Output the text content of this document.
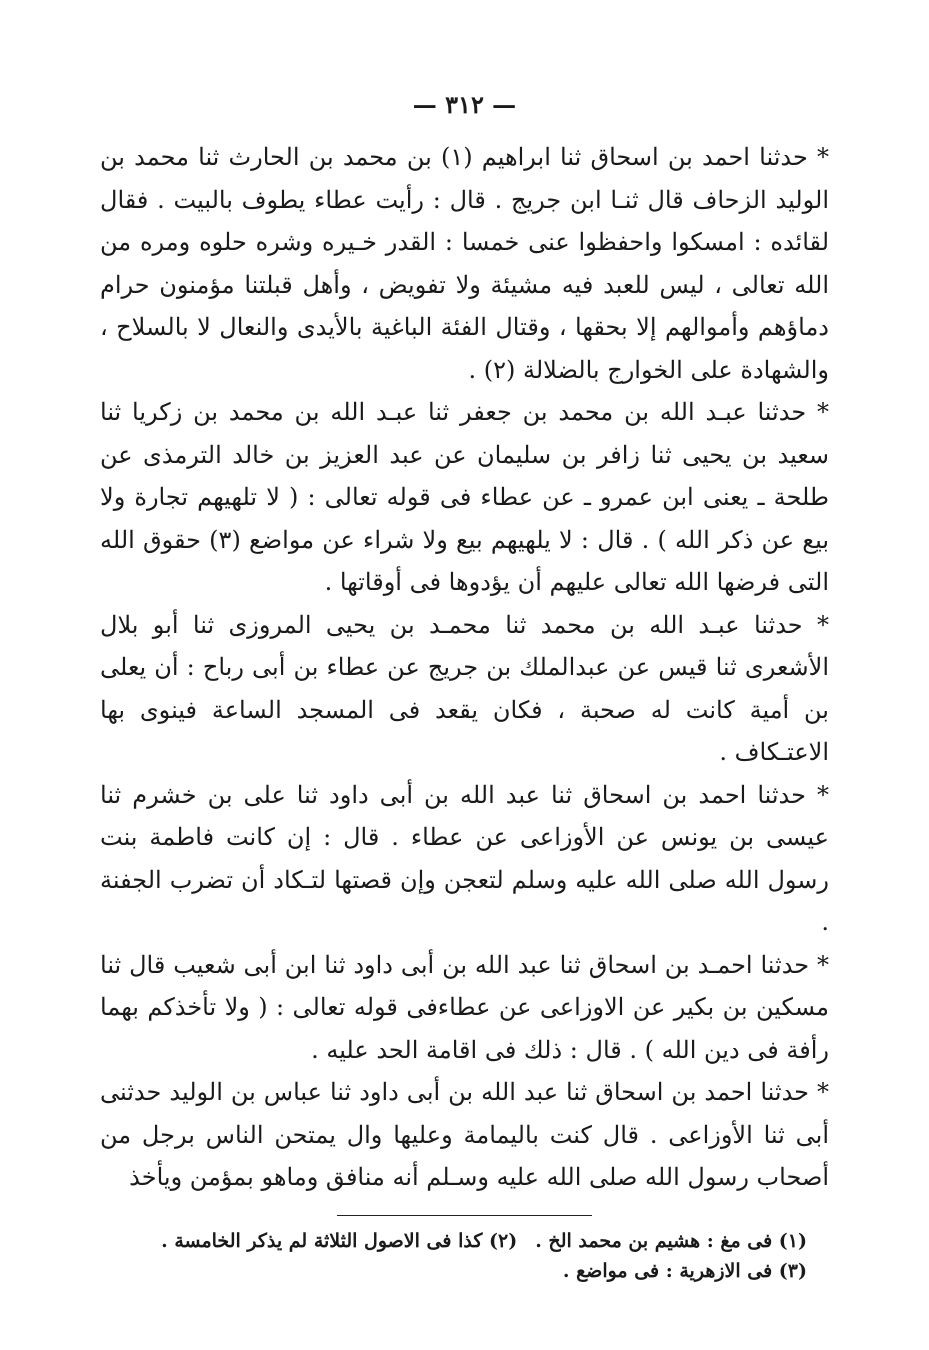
— ٣١٢ —

* حدثنا احمد بن اسحاق ثنا ابراهيم (١) بن محمد بن الحارث ثنا محمد بن الوليد الزحاف قال ثنـا ابن جريج . قال : رأيت عطاء يطوف بالبيت . فقال لقائده : امسكوا واحفظوا عنى خمسا : القدر خـيره وشره حلوه ومره من الله تعالى ، ليس للعبد فيه مشيئة ولا تفويض ، وأهل قبلتنا مؤمنون حرام دماؤهم وأموالهم إلا بحقها ، وقتال الفئة الباغية بالأيدى والنعال لا بالسلاح ، والشهادة على الخوارج بالضلالة (٢) .

* حدثنا عبـد الله بن محمد بن جعفر ثنا عبـد الله بن محمد بن زكريا ثنا سعيد بن يحيى ثنا زافر بن سليمان عن عبد العزيز بن خالد الترمذى عن طلحة ـ يعنى ابن عمرو ـ عن عطاء فى قوله تعالى : ( لا تلهيهم تجارة ولا بيع عن ذكر الله ) . قال : لا يلهيهم بيع ولا شراء عن مواضع (٣) حقوق الله التى فرضها الله تعالى عليهم أن يؤدوها فى أوقاتها .

* حدثنا عبـد الله بن محمد ثنا محمـد بن يحيى المروزى ثنا أبو بلال الأشعرى ثنا قيس عن عبدالملك بن جريج عن عطاء بن أبى رباح : أن يعلى بن أمية كانت له صحبة ، فكان يقعد فى المسجد الساعة فينوى بها الاعتـكاف .

* حدثنا احمد بن اسحاق ثنا عبد الله بن أبى داود ثنا على بن خشرم ثنا عيسى بن يونس عن الأوزاعى عن عطاء . قال : إن كانت فاطمة بنت رسول الله صلى الله عليه وسلم لتعجن وإن قصتها لتـكاد أن تضرب الجفنة .

* حدثنا احمـد بن اسحاق ثنا عبد الله بن أبى داود ثنا ابن أبى شعيب قال ثنا مسكين بن بكير عن الاوزاعى عن عطاءفى قوله تعالى : ( ولا تأخذكم بهما رأفة فى دين الله ) . قال : ذلك فى اقامة الحد عليه .

* حدثنا احمد بن اسحاق ثنا عبد الله بن أبى داود ثنا عباس بن الوليد حدثنى أبى ثنا الأوزاعى . قال كنت باليمامة وعليها وال يمتحن الناس برجل من أصحاب رسول الله صلى الله عليه وسـلم أنه منافق وماهو بمؤمن ويأخذ

(١) فى مغ : هشيم بن محمد الخ .(٢) كذا فى الاصول الثلاثة لم يذكر الخامسة .

(٣) فى الازهرية : فى مواضع .
